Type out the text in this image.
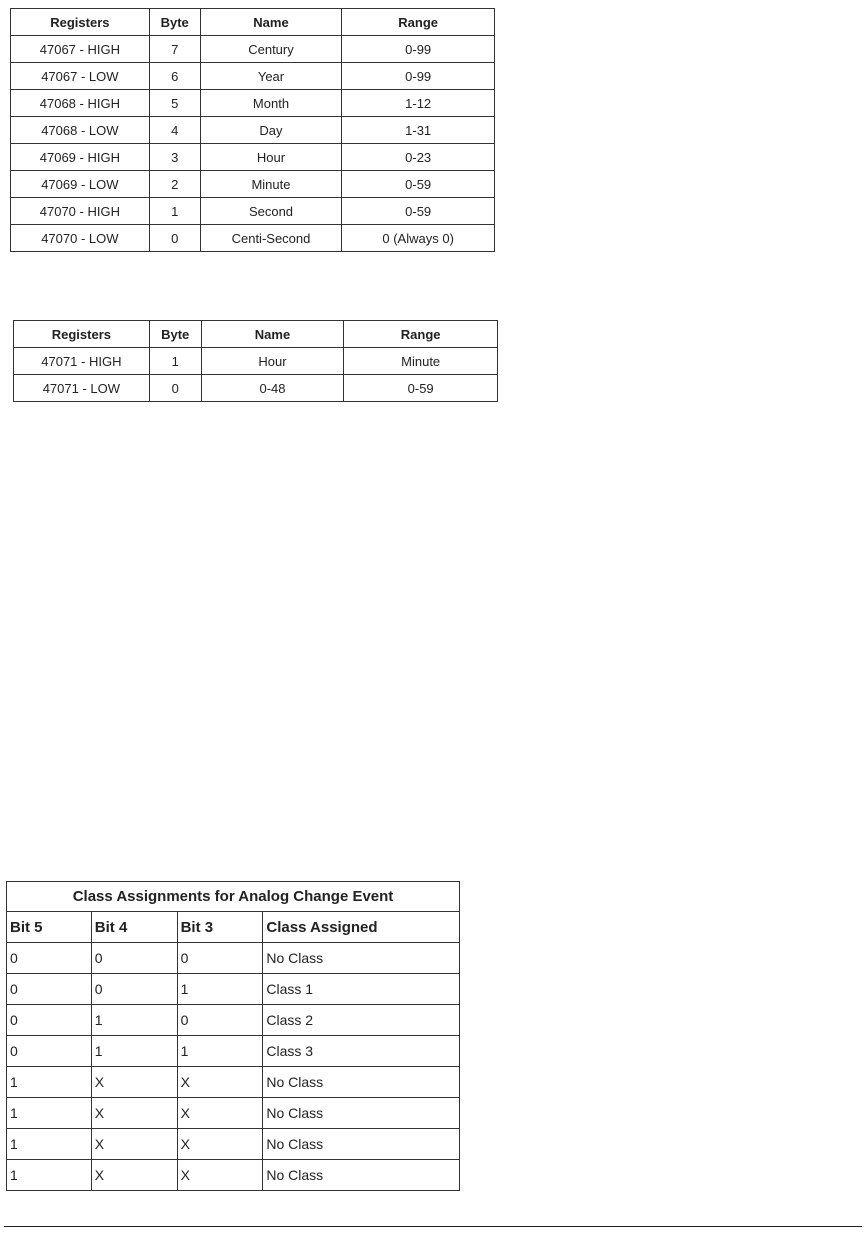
Registers	Byte	Name	Range
47067 - HIGH	7	Century	0-99
47067 - LOW	6	Year	0-99
47068 - HIGH	5	Month	1-12
47068 - LOW	4	Day	1-31
47069 - HIGH	3	Hour	0-23
47069 - LOW	2	Minute	0-59
47070 - HIGH	1	Second	0-59
47070 - LOW	0	Centi-Second	0 (Always 0)
Registers	Byte	Name	Range
47071 - HIGH	1	Hour	Minute
47071 - LOW	0	0-48	0-59
Class Assignments for Analog Change Event			
Bit 5	Bit 4	Bit 3	Class Assigned
0	0	0	No Class
0	0	1	Class 1
0	1	0	Class 2
0	1	1	Class 3
1	X	X	No Class
1	X	X	No Class
1	X	X	No Class
1	X	X	No Class
